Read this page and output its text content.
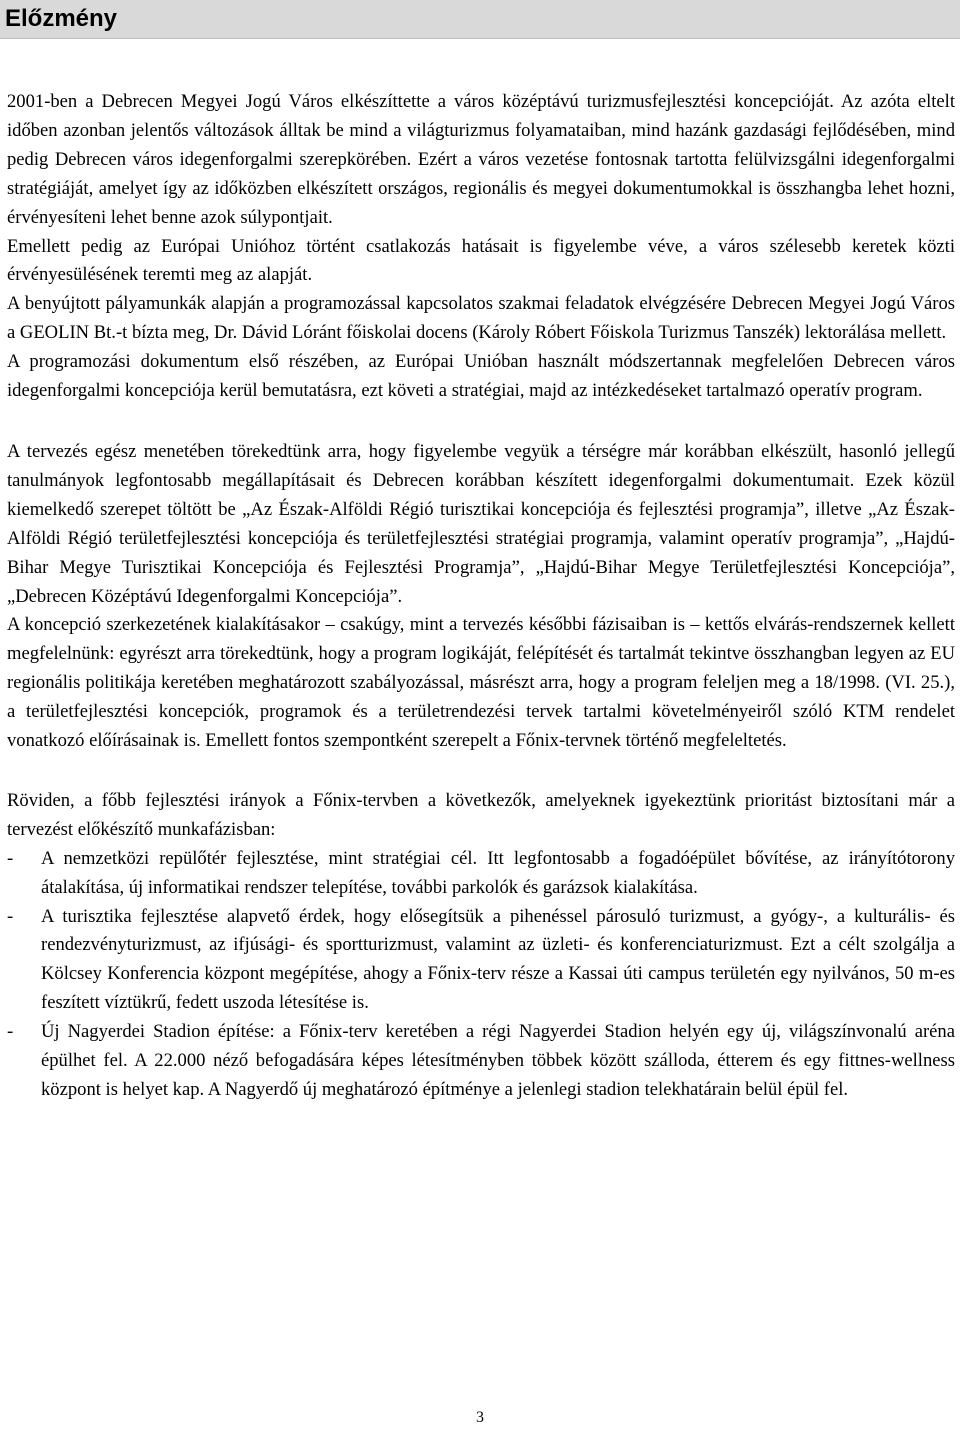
Előzmény

2001-ben a Debrecen Megyei Jogú Város elkészíttette a város középtávú turizmusfejlesztési koncepcióját. Az azóta eltelt időben azonban jelentős változások álltak be mind a világturizmus folyamataiban, mind hazánk gazdasági fejlődésében, mind pedig Debrecen város idegenforgalmi szerepkörében. Ezért a város vezetése fontosnak tartotta felülvizsgálni idegenforgalmi stratégiáját, amelyet így az időközben elkészített országos, regionális és megyei dokumentumokkal is összhangba lehet hozni, érvényesíteni lehet benne azok súlypontjait.

Emellett pedig az Európai Unióhoz történt csatlakozás hatásait is figyelembe véve, a város szélesebb keretek közti érvényesülésének teremti meg az alapját.

A benyújtott pályamunkák alapján a programozással kapcsolatos szakmai feladatok elvégzésére Debrecen Megyei Jogú Város a GEOLIN Bt.-t bízta meg, Dr. Dávid Lóránt főiskolai docens (Károly Róbert Főiskola Turizmus Tanszék) lektorálása mellett.

A programozási dokumentum első részében, az Európai Unióban használt módszertannak megfelelően Debrecen város idegenforgalmi koncepciója kerül bemutatásra, ezt követi a stratégiai, majd az intézkedéseket tartalmazó operatív program.

A tervezés egész menetében törekedtünk arra, hogy figyelembe vegyük a térségre már korábban elkészült, hasonló jellegű tanulmányok legfontosabb megállapításait és Debrecen korábban készített idegenforgalmi dokumentumait. Ezek közül kiemelkedő szerepet töltött be „Az Észak-Alföldi Régió turisztikai koncepciója és fejlesztési programja”, illetve „Az Észak-Alföldi Régió területfejlesztési koncepciója és területfejlesztési stratégiai programja, valamint operatív programja”, „Hajdú-Bihar Megye Turisztikai Koncepciója és Fejlesztési Programja”, „Hajdú-Bihar Megye Területfejlesztési Koncepciója”, „Debrecen Középtávú Idegenforgalmi Koncepciója”.

A koncepció szerkezetének kialakításakor – csakúgy, mint a tervezés későbbi fázisaiban is – kettős elvárás-rendszernek kellett megfelelnünk: egyrészt arra törekedtünk, hogy a program logikáját, felépítését és tartalmát tekintve összhangban legyen az EU regionális politikája keretében meghatározott szabályozással, másrészt arra, hogy a program feleljen meg a 18/1998. (VI. 25.), a területfejlesztési koncepciók, programok és a területrendezési tervek tartalmi követelményeiről szóló KTM rendelet vonatkozó előírásainak is. Emellett fontos szempontként szerepelt a Főnix-tervnek történő megfeleltetés.

Röviden, a főbb fejlesztési irányok a Főnix-tervben a következők, amelyeknek igyekeztünk prioritást biztosítani már a tervezést előkészítő munkafázisban:

-	A nemzetközi repülőtér fejlesztése, mint stratégiai cél. Itt legfontosabb a fogadóépület bővítése, az irányítótorony átalakítása, új informatikai rendszer telepítése, további parkolók és garázsok kialakítása.
-	A turisztika fejlesztése alapvető érdek, hogy elősegítsük a pihenéssel párosuló turizmust, a gyógy-, a kulturális- és rendezvényturizmust, az ifjúsági- és sportturizmust, valamint az üzleti- és konferenciaturizmust. Ezt a célt szolgálja a Kölcsey Konferencia központ megépítése, ahogy a Főnix-terv része a Kassai úti campus területén egy nyilvános, 50 m-es feszített víztükrű, fedett uszoda létesítése is.
-	Új Nagyerdei Stadion építése: a Főnix-terv keretében a régi Nagyerdei Stadion helyén egy új, világszínvonalú aréna épülhet fel. A 22.000 néző befogadására képes létesítményben többek között szálloda, étterem és egy fittnes-wellness központ is helyet kap. A Nagyerdő új meghatározó építménye a jelenlegi stadion telekhatárain belül épül fel.
3
